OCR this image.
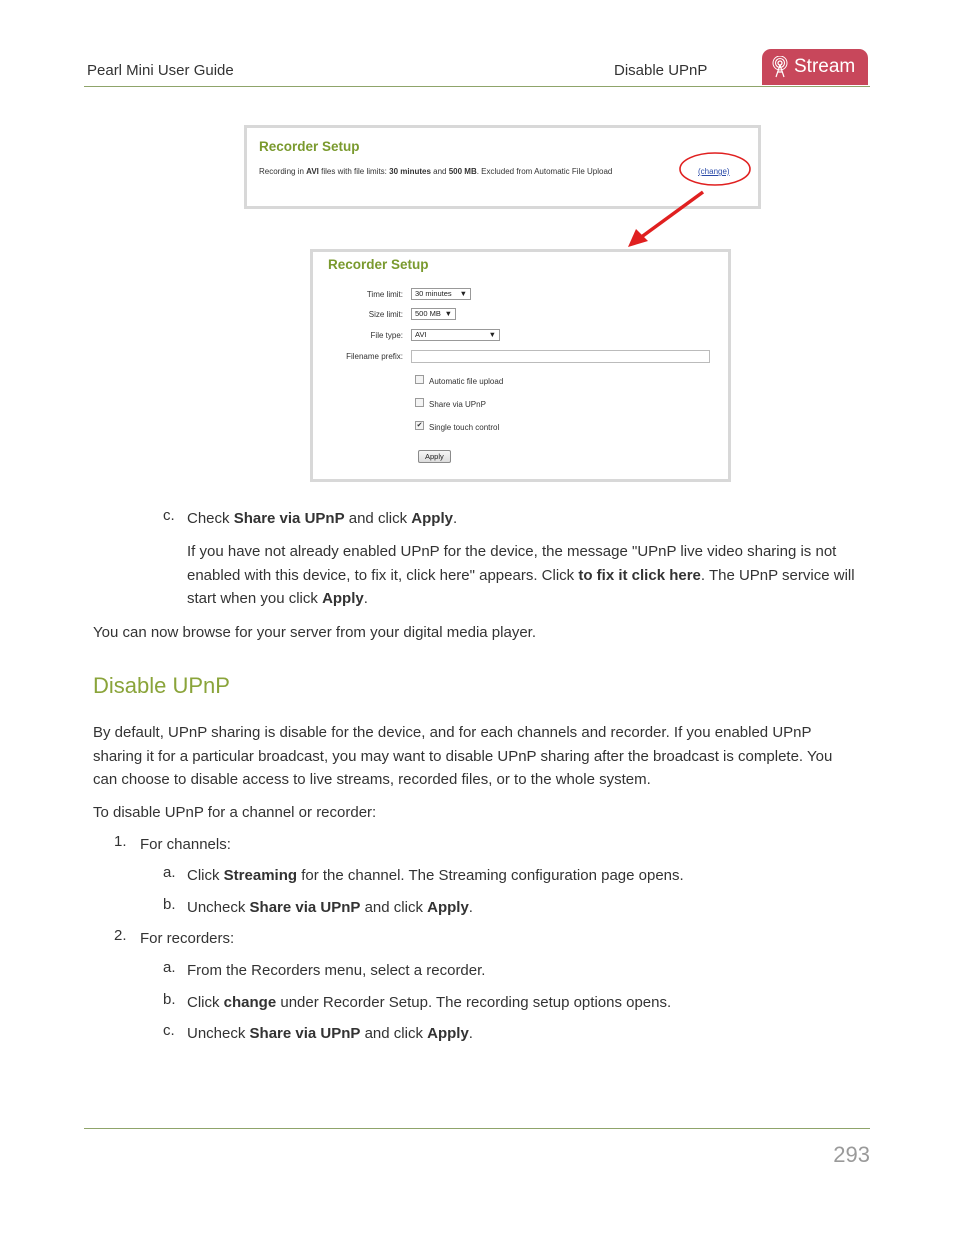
Pearl Mini User Guide	Disable UPnP	Stream
Recorder Setup
Recording in AVI files with file limits: 30 minutes and 500 MB. Excluded from Automatic File Upload	(change)
Recorder Setup
Time limit: 30 minutes ▼
Size limit: 500 MB ▼
File type: AVI	▼
Filename prefix:
Automatic file upload
Share via UPnP
✔ Single touch control
Apply
c. Check Share via UPnP and click Apply.
If you have not already enabled UPnP for the device, the message "UPnP live video sharing is not enabled with this device, to fix it, click here" appears. Click to fix it click here. The UPnP service will start when you click Apply.
You can now browse for your server from your digital media player.
Disable UPnP
By default, UPnP sharing is disable for the device, and for each channels and recorder. If you enabled UPnP sharing it for a particular broadcast, you may want to disable UPnP sharing after the broadcast is complete. You can choose to disable access to live streams, recorded files, or to the whole system.
To disable UPnP for a channel or recorder:
1. For channels:
a. Click Streaming for the channel. The Streaming configuration page opens.
b. Uncheck Share via UPnP and click Apply.
2. For recorders:
a. From the Recorders menu, select a recorder.
b. Click change under Recorder Setup. The recording setup options opens.
c. Uncheck Share via UPnP and click Apply.
293
